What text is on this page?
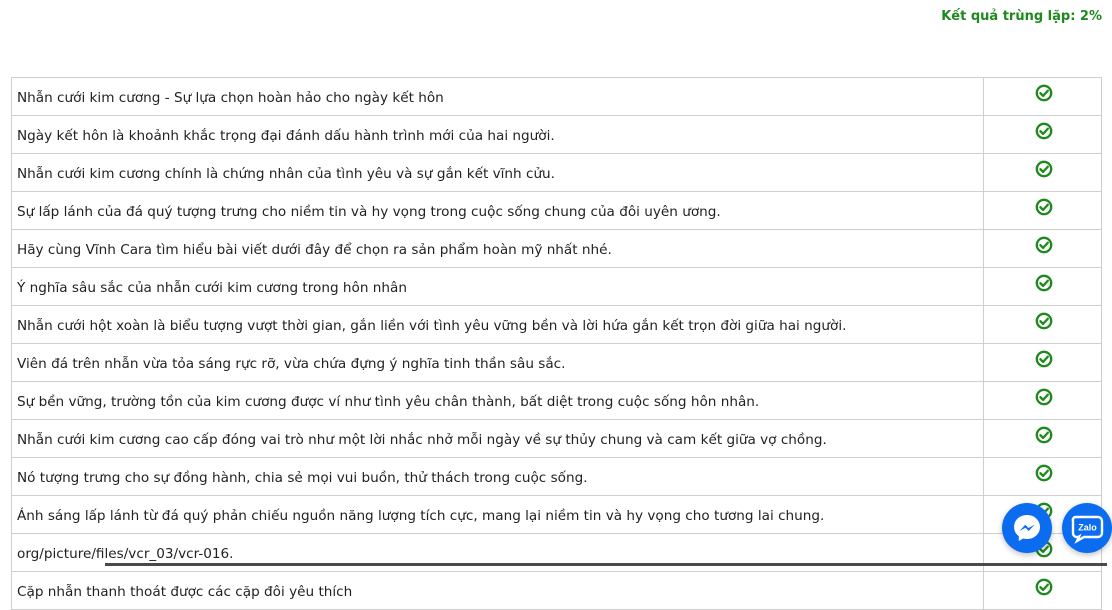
Kết quả trùng lặp: 2%
Nhẫn cưới kim cương - Sự lựa chọn hoàn hảo cho ngày kết hôn	
Ngày kết hôn là khoảnh khắc trọng đại đánh dấu hành trình mới của hai người.	
Nhẫn cưới kim cương chính là chứng nhân của tình yêu và sự gắn kết vĩnh cửu.	
Sự lấp lánh của đá quý tượng trưng cho niềm tin và hy vọng trong cuộc sống chung của đôi uyên ương.	
Hãy cùng Vĩnh Cara tìm hiểu bài viết dưới đây để chọn ra sản phẩm hoàn mỹ nhất nhé.	
Ý nghĩa sâu sắc của nhẫn cưới kim cương trong hôn nhân	
Nhẫn cưới hột xoàn là biểu tượng vượt thời gian, gắn liền với tình yêu vững bền và lời hứa gắn kết trọn đời giữa hai người.	
Viên đá trên nhẫn vừa tỏa sáng rực rỡ, vừa chứa đựng ý nghĩa tinh thần sâu sắc.	
Sự bền vững, trường tồn của kim cương được ví như tình yêu chân thành, bất diệt trong cuộc sống hôn nhân.	
Nhẫn cưới kim cương cao cấp đóng vai trò như một lời nhắc nhở mỗi ngày về sự thủy chung và cam kết giữa vợ chồng.	
Nó tượng trưng cho sự đồng hành, chia sẻ mọi vui buồn, thử thách trong cuộc sống.	
Ánh sáng lấp lánh từ đá quý phản chiếu nguồn năng lượng tích cực, mang lại niềm tin và hy vọng cho tương lai chung.	
org/picture/files/vcr_03/vcr-016.	
Cặp nhẫn thanh thoát được các cặp đôi yêu thích	
Zalo
